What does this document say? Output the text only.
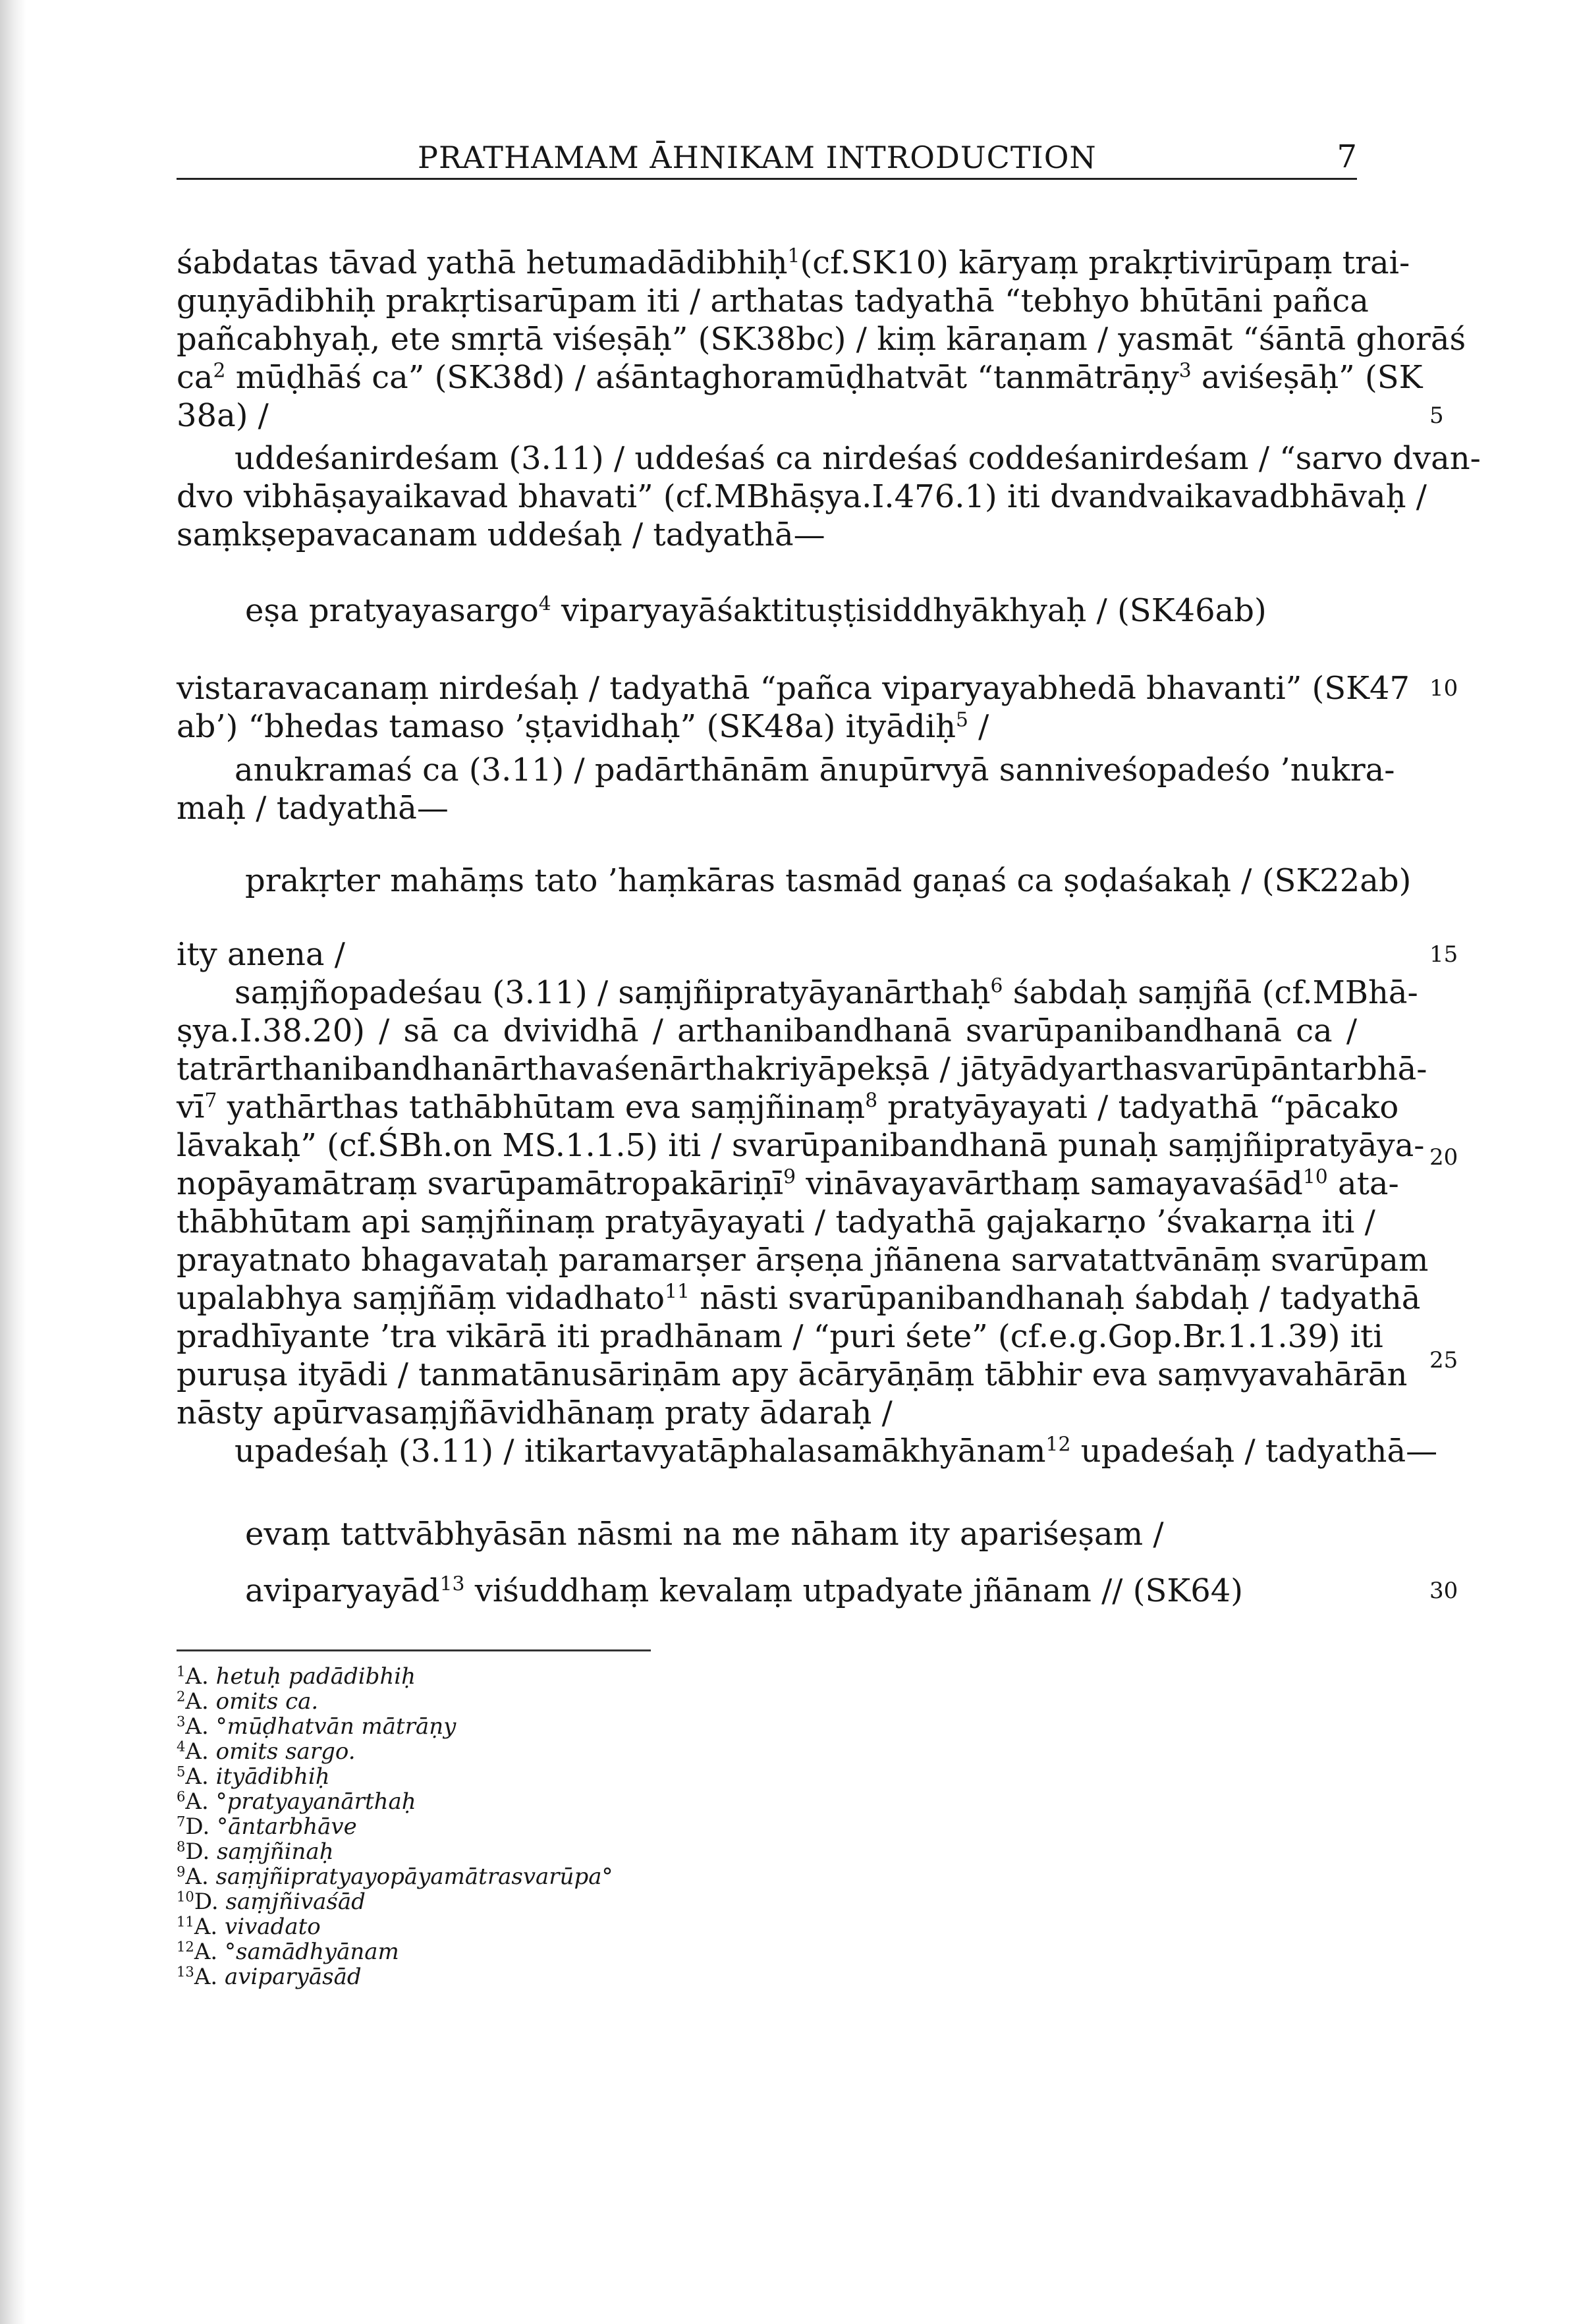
PRATHAMAM ĀHNIKAM INTRODUCTION	7
śabdatas tāvad yathā hetumadādibhiḥ$^1$(cf.SK10) kāryaṃ prakṛtivirūpaṃ trai-
guṇyādibhiḥ prakṛtisarūpam iti / arthatas tadyathā “tebhyo bhūtāni pañca
pañcabhyaḥ, ete smṛtā viśeṣāḥ” (SK38bc) / kiṃ kāraṇam / yasmāt “śāntā ghorāś
$ca^2$ mūḍhāś ca” (SK38d) / aśāntaghoramūḍhatvāt “tanmātrāṇy$^3$ aviśeṣāḥ” (SK
38a) /	5
uddeśanirdeśam (3.11) / uddeśaś ca nirdeśaś coddeśanirdeśam / “sarvo dvan-
dvo vibhāṣayaikavad bhavati” (cf.MBhāṣya.I.476.1) iti dvandvaikavadbhāvaḥ /
saṃkṣepavacanam uddeśaḥ / tadyathā—
eṣa pratyayasargo$^4$ viparyayāśaktituṣṭisiddhyākhyaḥ / (SK46ab)
vistaravacanaṃ nirdeśaḥ / tadyathā “pañca viparyayabhedā bhavanti” (SK47 10
ab’) “bhedas tamaso ’ṣṭavidhaḥ” (SK48a) ityādiḥ$^5$ /
anukramaś ca (3.11) / padārthānām ānupūrvyā sanniveśopadeśo ’nukra-
maḥ / tadyathā—
prakṛter mahāṃs tato ’haṃkāras tasmād gaṇaś ca ṣoḍaśakaḥ / (SK22ab)
ity anena /	15
saṃjñopadeśau (3.11) / saṃjñipratyāyanārthaḥ$^6$ śabdaḥ saṃjñā (cf.MBhā-
ṣya.I.38.20) / sā ca dvividhā / arthanibandhanā svarūpanibandhanā ca /
tatrārthanibandhanārthavaśenārthakriyāpekṣā / jātyādyarthasvarūpāntarbhā-
$vī^7$ yathārthas tathābhūtam eva saṃjñinaṃ$^8$ pratyāyayati / tadyathā “pācako
lāvakaḥ” (cf.ŚBh.on MS.1.1.5) iti / svarūpanibandhanā punaḥ saṃjñipratyāya- 20
nopāyamātraṃ svarūpamātropakāriṇī$^9$ vināvayavārthaṃ samayavaśād$^{10}$ ata-
thābhūtam api saṃjñinaṃ pratyāyayati / tadyathā gajakarṇo ’śvakarṇa iti /
prayatnato bhagavataḥ paramarṣer ārṣeṇa jñānena sarvatattvānāṃ svarūpam
upalabhya saṃjñāṃ vidadhato$^{11}$ nāsti svarūpanibandhanaḥ śabdaḥ / tadyathā
pradhīyante ’tra vikārā iti pradhānam / “puri śete” (cf.e.g.Gop.Br.1.1.39) iti
25
puruṣa ityādi / tanmatānusāriṇām apy ācāryāṇāṃ tābhir eva saṃvyavahārān
nāsty apūrvasaṃjñāvidhānaṃ praty ādaraḥ /
upadeśaḥ (3.11) / itikartavyatāphalasamākhyānam$^{12}$ upadeśaḥ / tadyathā—
evaṃ tattvābhyāsān nāsmi na me nāham ity apariśeṣam /
aviparyayād$^{13}$ viśuddhaṃ kevalaṃ utpadyate jñānam // (SK64)	30
$^1$A. hetuḥ padādibhiḥ
$^2$A. omits ca.
$^3$A. °mūḍhatvān mātrāṇy
$^4$A. omits sargo.
$^5$A. ityādibhiḥ
$^6$A. °pratyayanārthaḥ
$^7$D. °āntarbhāve
$^8$D. saṃjñinaḥ
$^9$A. saṃjñipratyayopāyamātrasvarūpa°
$^{10}$D. saṃjñivaśād
$^{11}$A. vivadato
$^{12}$A. °samādhyānam
$^{13}$A. aviparyāsād
